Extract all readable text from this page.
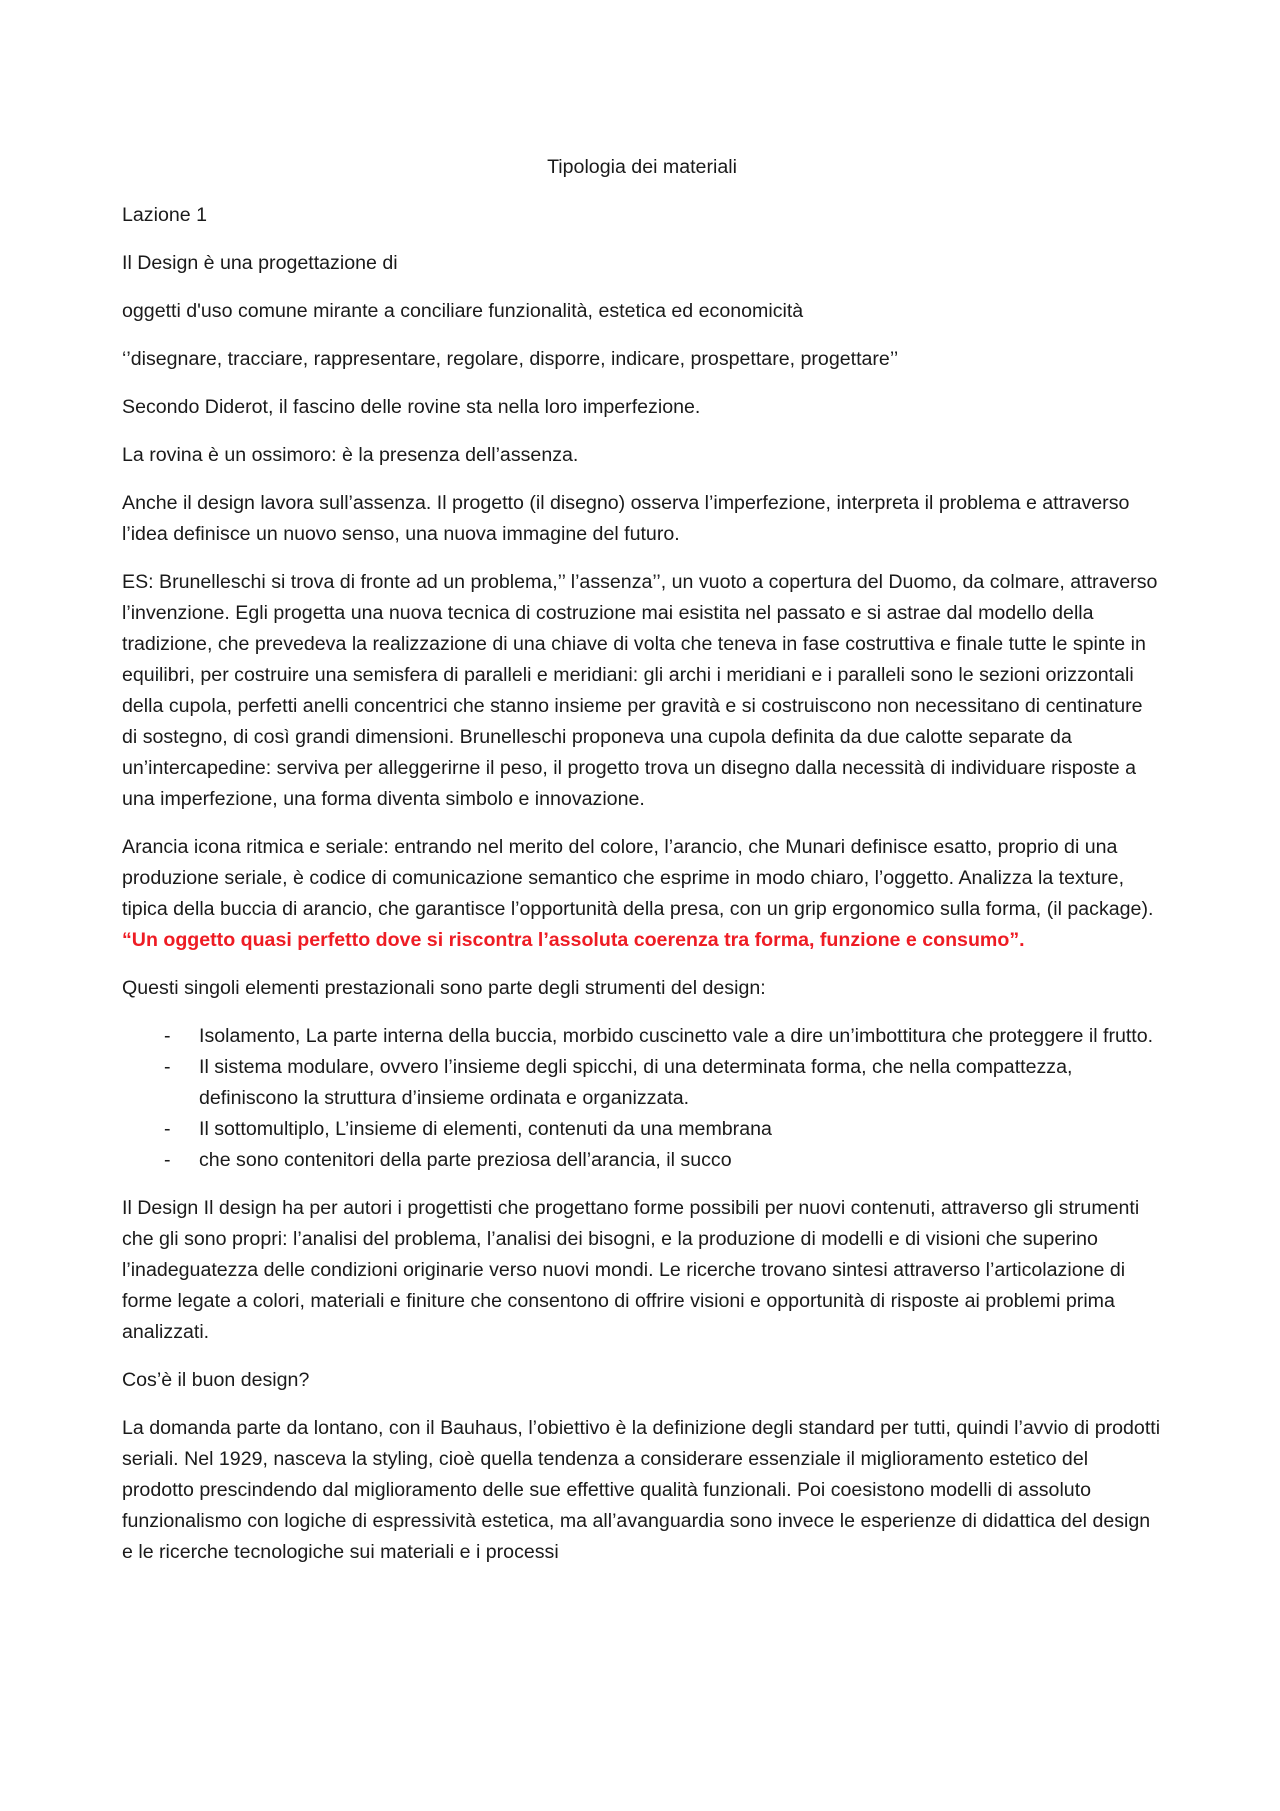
Tipologia dei materiali

Lazione 1

Il Design è una progettazione di

oggetti d'uso comune mirante a conciliare funzionalità, estetica ed economicità

‘’disegnare, tracciare, rappresentare, regolare, disporre, indicare, prospettare, progettare’’

Secondo Diderot, il fascino delle rovine sta nella loro imperfezione.

La rovina è un ossimoro: è la presenza dell’assenza.

Anche il design lavora sull’assenza. Il progetto (il disegno) osserva l’imperfezione, interpreta il problema e attraverso l’idea definisce un nuovo senso, una nuova immagine del futuro.

ES: Brunelleschi si trova di fronte ad un problema,’’ l’assenza’’, un vuoto a copertura del Duomo, da colmare, attraverso l’invenzione. Egli progetta una nuova tecnica di costruzione mai esistita nel passato e si astrae dal modello della tradizione, che prevedeva la realizzazione di una chiave di volta che teneva in fase costruttiva e finale tutte le spinte in equilibri, per costruire una semisfera di paralleli e meridiani: gli archi i meridiani e i paralleli sono le sezioni orizzontali della cupola, perfetti anelli concentrici che stanno insieme per gravità e si costruiscono non necessitano di centinature di sostegno, di così grandi dimensioni. Brunelleschi proponeva una cupola definita da due calotte separate da un’intercapedine: serviva per alleggerirne il peso, il progetto trova un disegno dalla necessità di individuare risposte a una imperfezione, una forma diventa simbolo e innovazione.

Arancia icona ritmica e seriale: entrando nel merito del colore, l’arancio, che Munari definisce esatto, proprio di una produzione seriale, è codice di comunicazione semantico che esprime in modo chiaro, l’oggetto. Analizza la texture, tipica della buccia di arancio, che garantisce l’opportunità della presa, con un grip ergonomico sulla forma, (il package). “Un oggetto quasi perfetto dove si riscontra l’assoluta coerenza tra forma, funzione e consumo”.

Questi singoli elementi prestazionali sono parte degli strumenti del design:

- Isolamento, La parte interna della buccia, morbido cuscinetto vale a dire un’imbottitura che proteggere il frutto.
- Il sistema modulare, ovvero l’insieme degli spicchi, di una determinata forma, che nella compattezza, definiscono la struttura d’insieme ordinata e organizzata.
- Il sottomultiplo, L’insieme di elementi, contenuti da una membrana
- che sono contenitori della parte preziosa dell’arancia, il succo

Il Design Il design ha per autori i progettisti che progettano forme possibili per nuovi contenuti, attraverso gli strumenti che gli sono propri: l’analisi del problema, l’analisi dei bisogni, e la produzione di modelli e di visioni che superino l’inadeguatezza delle condizioni originarie verso nuovi mondi. Le ricerche trovano sintesi attraverso l’articolazione di forme legate a colori, materiali e finiture che consentono di offrire visioni e opportunità di risposte ai problemi prima analizzati.

Cos’è il buon design?

La domanda parte da lontano, con il Bauhaus, l’obiettivo è la definizione degli standard per tutti, quindi l’avvio di prodotti seriali. Nel 1929, nasceva la styling, cioè quella tendenza a considerare essenziale il miglioramento estetico del prodotto prescindendo dal miglioramento delle sue effettive qualità funzionali. Poi coesistono modelli di assoluto funzionalismo con logiche di espressività estetica, ma all’avanguardia sono invece le esperienze di didattica del design e le ricerche tecnologiche sui materiali e i processi
